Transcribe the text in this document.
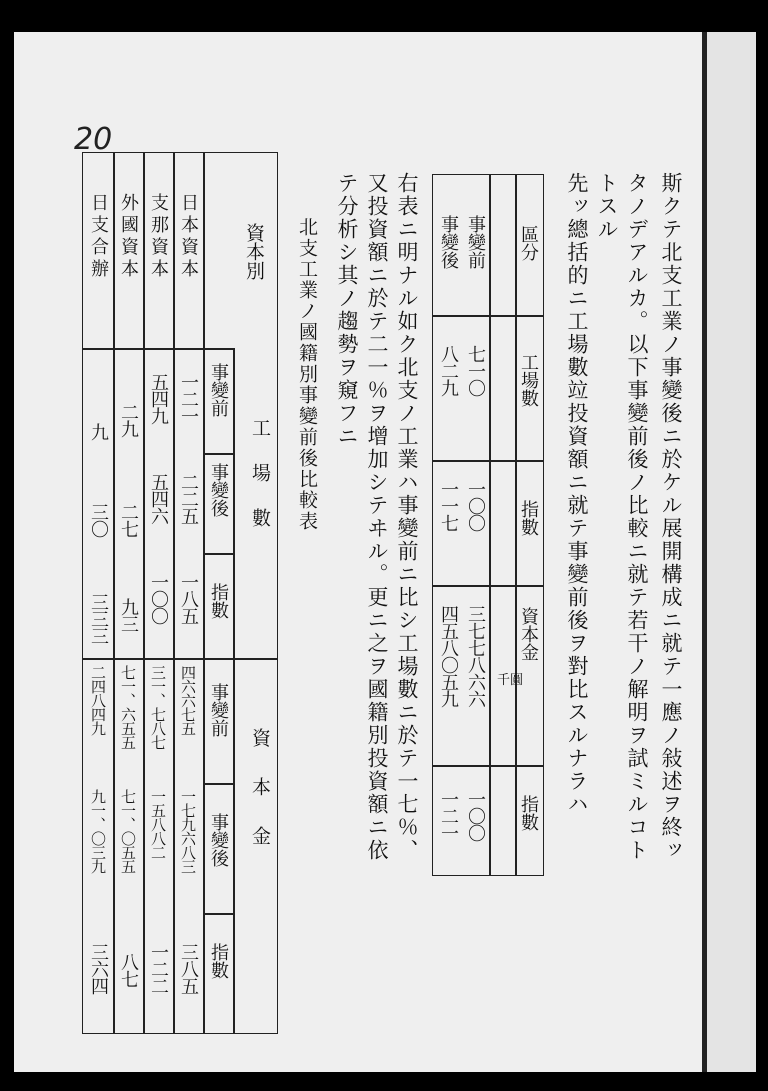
20
斯クテ北支工業ノ事變後ニ於ケル展開構成ニ就テ一應ノ敍述ヲ終ッ
タノデアルカ。以下事變前後ノ比較ニ就テ若干ノ解明ヲ試ミルコト
トスル
先ッ總括的ニ工場數竝投資額ニ就テ事變前後ヲ對比スルナラハ
區分
工場數
指數
資本金
千圓
指數
事變前
七一〇
一〇〇
三七七八六六
一〇〇
事變後
八二九
一一七
四五八〇五九
一二一
右表ニ明ナル如ク北支ノ工業ハ事變前ニ比シ工場數ニ於テ一七％、
又投資額ニ於テ二一％ヲ增加シテヰル。更ニ之ヲ國籍別投資額ニ依
テ分析シ其ノ趨勢ヲ窺フニ
北支工業ノ國籍別事變前後比較表
資本別
工場數
資本金
事變前
事變後
指數
事變前
事變後
指數
日本資本
一二一
二二五
一八五
四六六七五
一七九六八三
三八五
支那資本
五四九
五四六
一〇〇
三一、七八七
一五八八二
一二二
外國資本
二九
二七
九三
七一、六五五
七一、〇五五
八七
日支合辦
九
三〇
三三三
二四八四九
九一、〇三九
三六四
